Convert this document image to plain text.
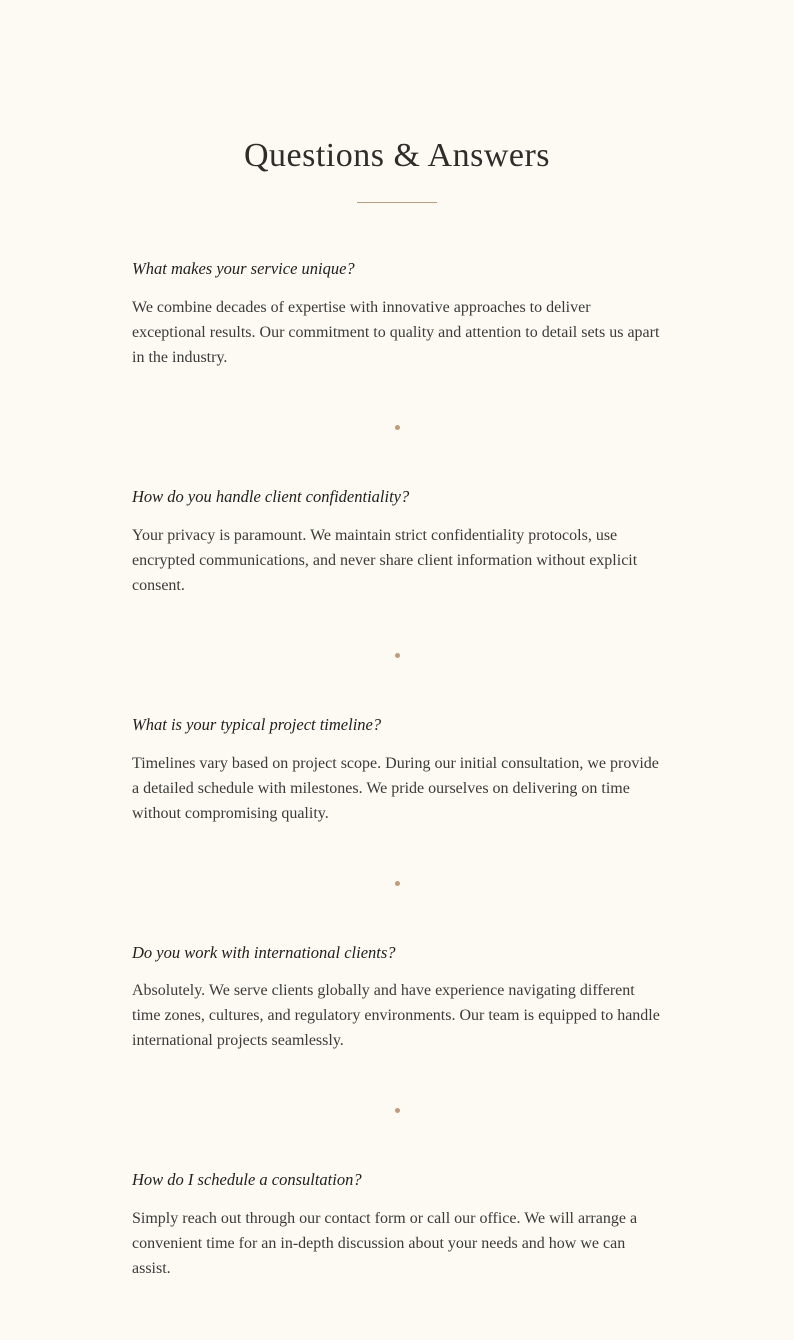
Questions & Answers
What makes your service unique?

We combine decades of expertise with innovative approaches to deliver exceptional results. Our commitment to quality and attention to detail sets us apart in the industry.

How do you handle client confidentiality?

Your privacy is paramount. We maintain strict confidentiality protocols, use encrypted communications, and never share client information without explicit consent.

What is your typical project timeline?

Timelines vary based on project scope. During our initial consultation, we provide a detailed schedule with milestones. We pride ourselves on delivering on time without compromising quality.

Do you work with international clients?

Absolutely. We serve clients globally and have experience navigating different time zones, cultures, and regulatory environments. Our team is equipped to handle international projects seamlessly.

How do I schedule a consultation?

Simply reach out through our contact form or call our office. We will arrange a convenient time for an in-depth discussion about your needs and how we can assist.
